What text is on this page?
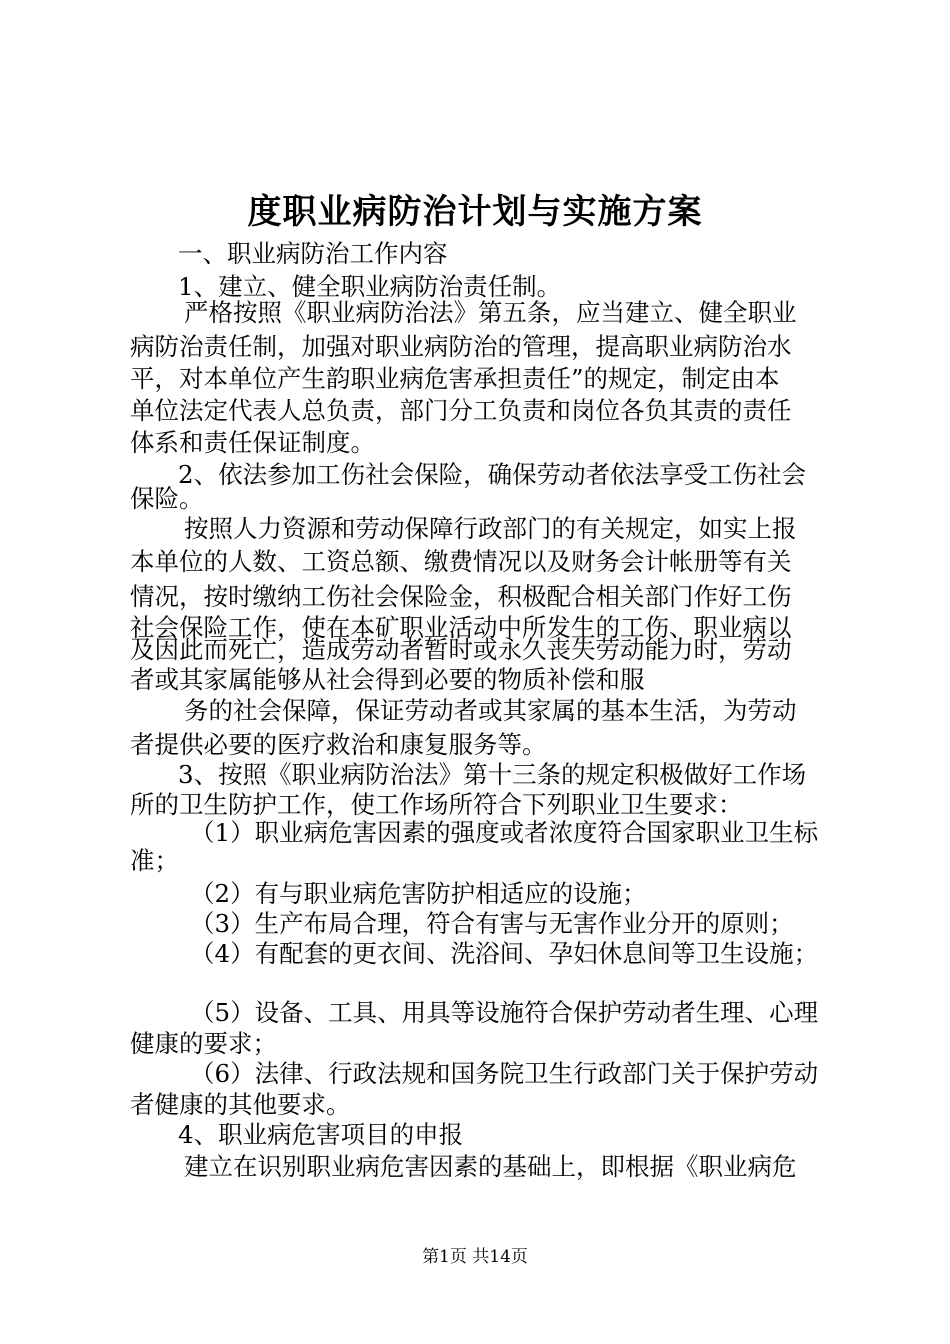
度职业病防治计划与实施方案
一、职业病防治工作内容
1、建立、健全职业病防治责任制。
严格按照《职业病防治法》第五条，应当建立、健全职业
病防治责任制，加强对职业病防治的管理，提高职业病防治水
平，对本单位产生韵职业病危害承担责任”的规定，制定由本
单位法定代表人总负责，部门分工负责和岗位各负其责的责任
体系和责任保证制度。
2、依法参加工伤社会保险，确保劳动者依法享受工伤社会
保险。
按照人力资源和劳动保障行政部门的有关规定，如实上报
本单位的人数、工资总额、缴费情况以及财务会计帐册等有关
情况，按时缴纳工伤社会保险金，积极配合相关部门作好工伤
社会保险工作，使在本矿职业活动中所发生的工伤、职业病以
及因此而死亡，造成劳动者暂时或永久丧失劳动能力时，劳动
者或其家属能够从社会得到必要的物质补偿和服
务的社会保障，保证劳动者或其家属的基本生活，为劳动
者提供必要的医疗救治和康复服务等。
3、按照《职业病防治法》第十三条的规定积极做好工作场
所的卫生防护工作，使工作场所符合下列职业卫生要求：
（1）职业病危害因素的强度或者浓度符合国家职业卫生标
准；
（2）有与职业病危害防护相适应的设施；
（3）生产布局合理，符合有害与无害作业分开的原则；
（4）有配套的更衣间、洗浴间、孕妇休息间等卫生设施；
（5）设备、工具、用具等设施符合保护劳动者生理、心理
健康的要求；
（6）法律、行政法规和国务院卫生行政部门关于保护劳动
者健康的其他要求。
4、职业病危害项目的申报
建立在识别职业病危害因素的基础上，即根据《职业病危
第1页 共14页
